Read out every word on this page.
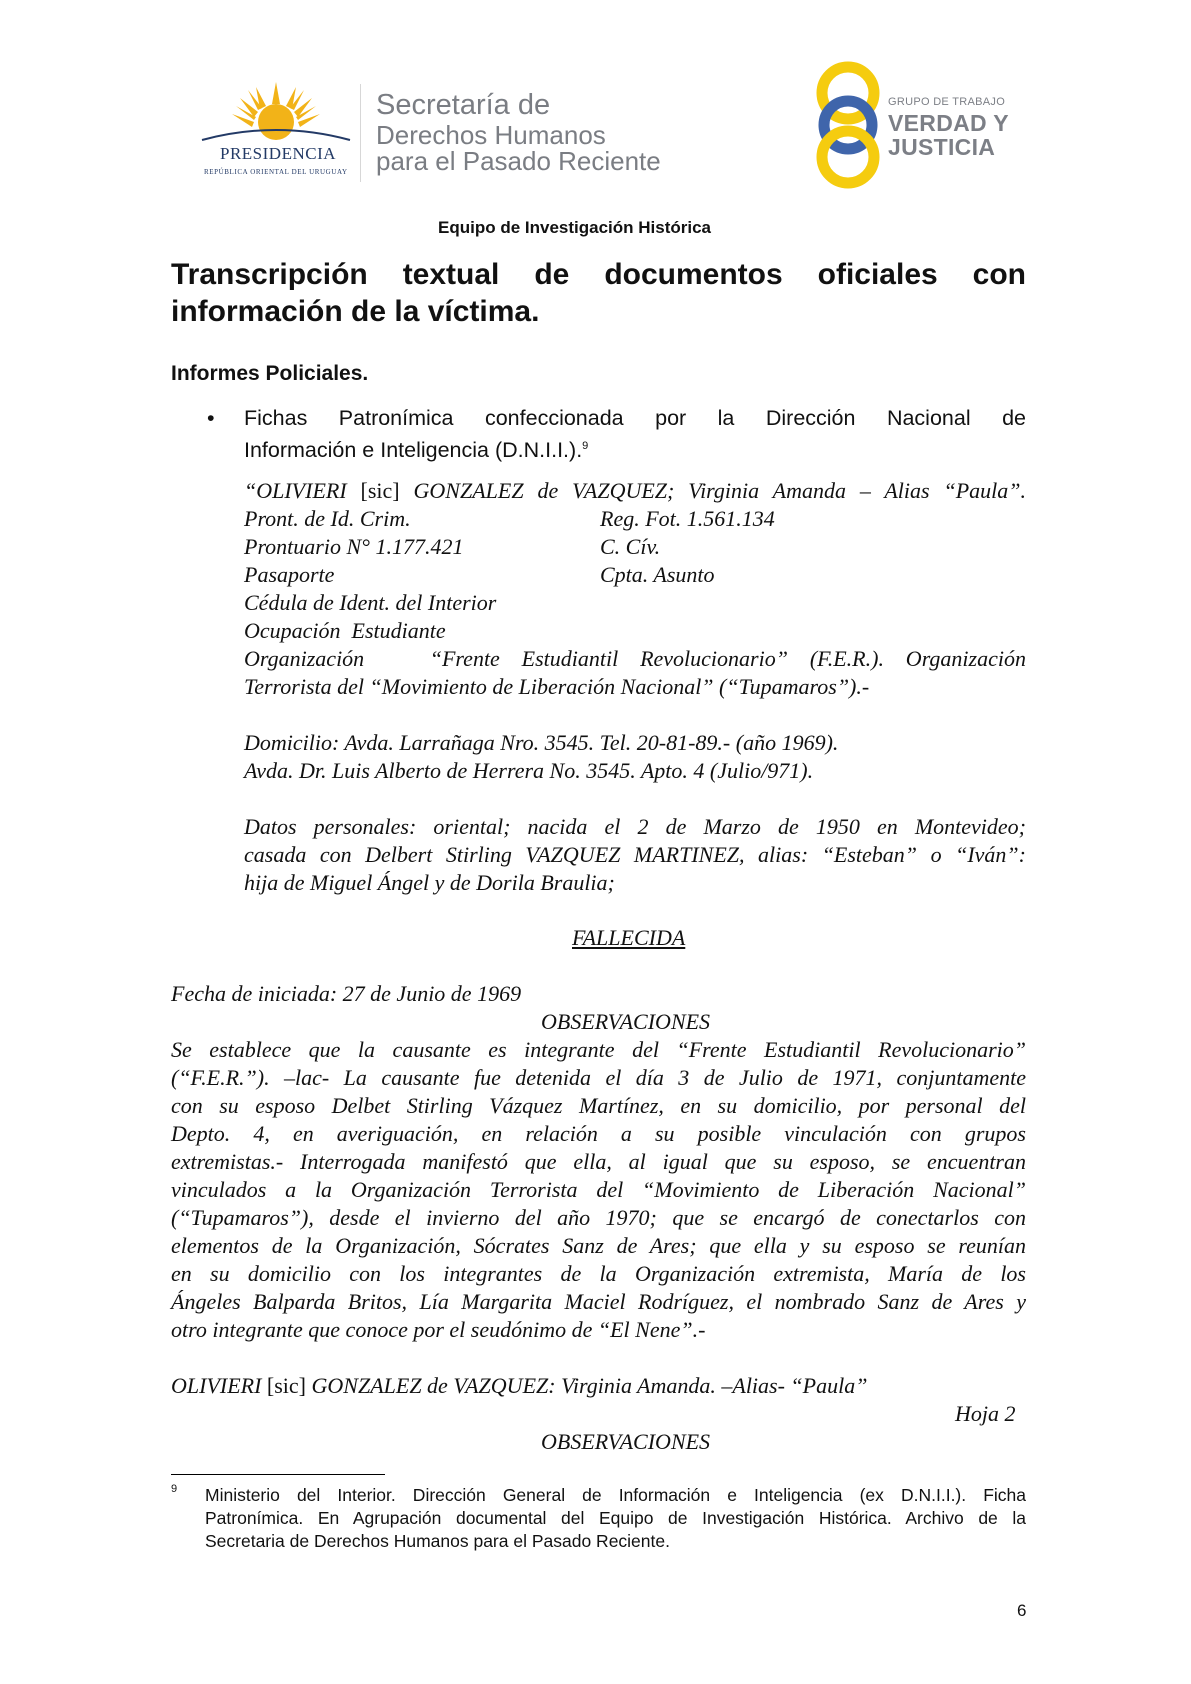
PRESIDENCIA
REPÚBLICA ORIENTAL DEL URUGUAY
Secretaría de
Derechos Humanos
para el Pasado Reciente
GRUPO DE TRABAJO
VERDAD Y
JUSTICIA
Equipo de Investigación Histórica
Transcripción textual de documentos oficiales con
información de la víctima.
Informes Policiales.
• Fichas Patronímica confeccionada por la Dirección Nacional de
Información e Inteligencia (D.N.I.I.).$^9$
“OLIVIERI [sic] GONZALEZ de VAZQUEZ; Virginia Amanda – Alias “Paula”.
Pront. de Id. Crim.
Prontuario N° 1.177.421
Pasaporte
Cédula de Ident. del Interior
Ocupación  Estudiante
Reg. Fot. 1.561.134
C. Cív.
Cpta. Asunto
Organización   “Frente Estudiantil Revolucionario” (F.E.R.). Organización
Terrorista del “Movimiento de Liberación Nacional” (“Tupamaros”).-
Domicilio: Avda. Larrañaga Nro. 3545. Tel. 20-81-89.- (año 1969).
Avda. Dr. Luis Alberto de Herrera No. 3545. Apto. 4 (Julio/971).
Datos personales: oriental; nacida el 2 de Marzo de 1950 en Montevideo;
casada con Delbert Stirling VAZQUEZ MARTINEZ, alias: “Esteban” o “Iván”:
hija de Miguel Ángel y de Dorila Braulia;
FALLECIDA
Fecha de iniciada: 27 de Junio de 1969
OBSERVACIONES
Se establece que la causante es integrante del “Frente Estudiantil Revolucionario”
(“F.E.R.”). –lac- La causante fue detenida el día 3 de Julio de 1971, conjuntamente
con su esposo Delbet Stirling Vázquez Martínez, en su domicilio, por personal del
Depto. 4, en averiguación, en relación a su posible vinculación con grupos
extremistas.- Interrogada manifestó que ella, al igual que su esposo, se encuentran
vinculados a la Organización Terrorista del “Movimiento de Liberación Nacional”
(“Tupamaros”), desde el invierno del año 1970; que se encargó de conectarlos con
elementos de la Organización, Sócrates Sanz de Ares; que ella y su esposo se reunían
en su domicilio con los integrantes de la Organización extremista, María de los
Ángeles Balparda Britos, Lía Margarita Maciel Rodríguez, el nombrado Sanz de Ares y
otro integrante que conoce por el seudónimo de “El Nene”.-
OLIVIERI [sic] GONZALEZ de VAZQUEZ: Virginia Amanda. –Alias- “Paula”
Hoja 2
OBSERVACIONES
9 Ministerio del Interior. Dirección General de Información e Inteligencia (ex D.N.I.I.). Ficha
Patronímica. En Agrupación documental del Equipo de Investigación Histórica. Archivo de la
Secretaria de Derechos Humanos para el Pasado Reciente.
6
